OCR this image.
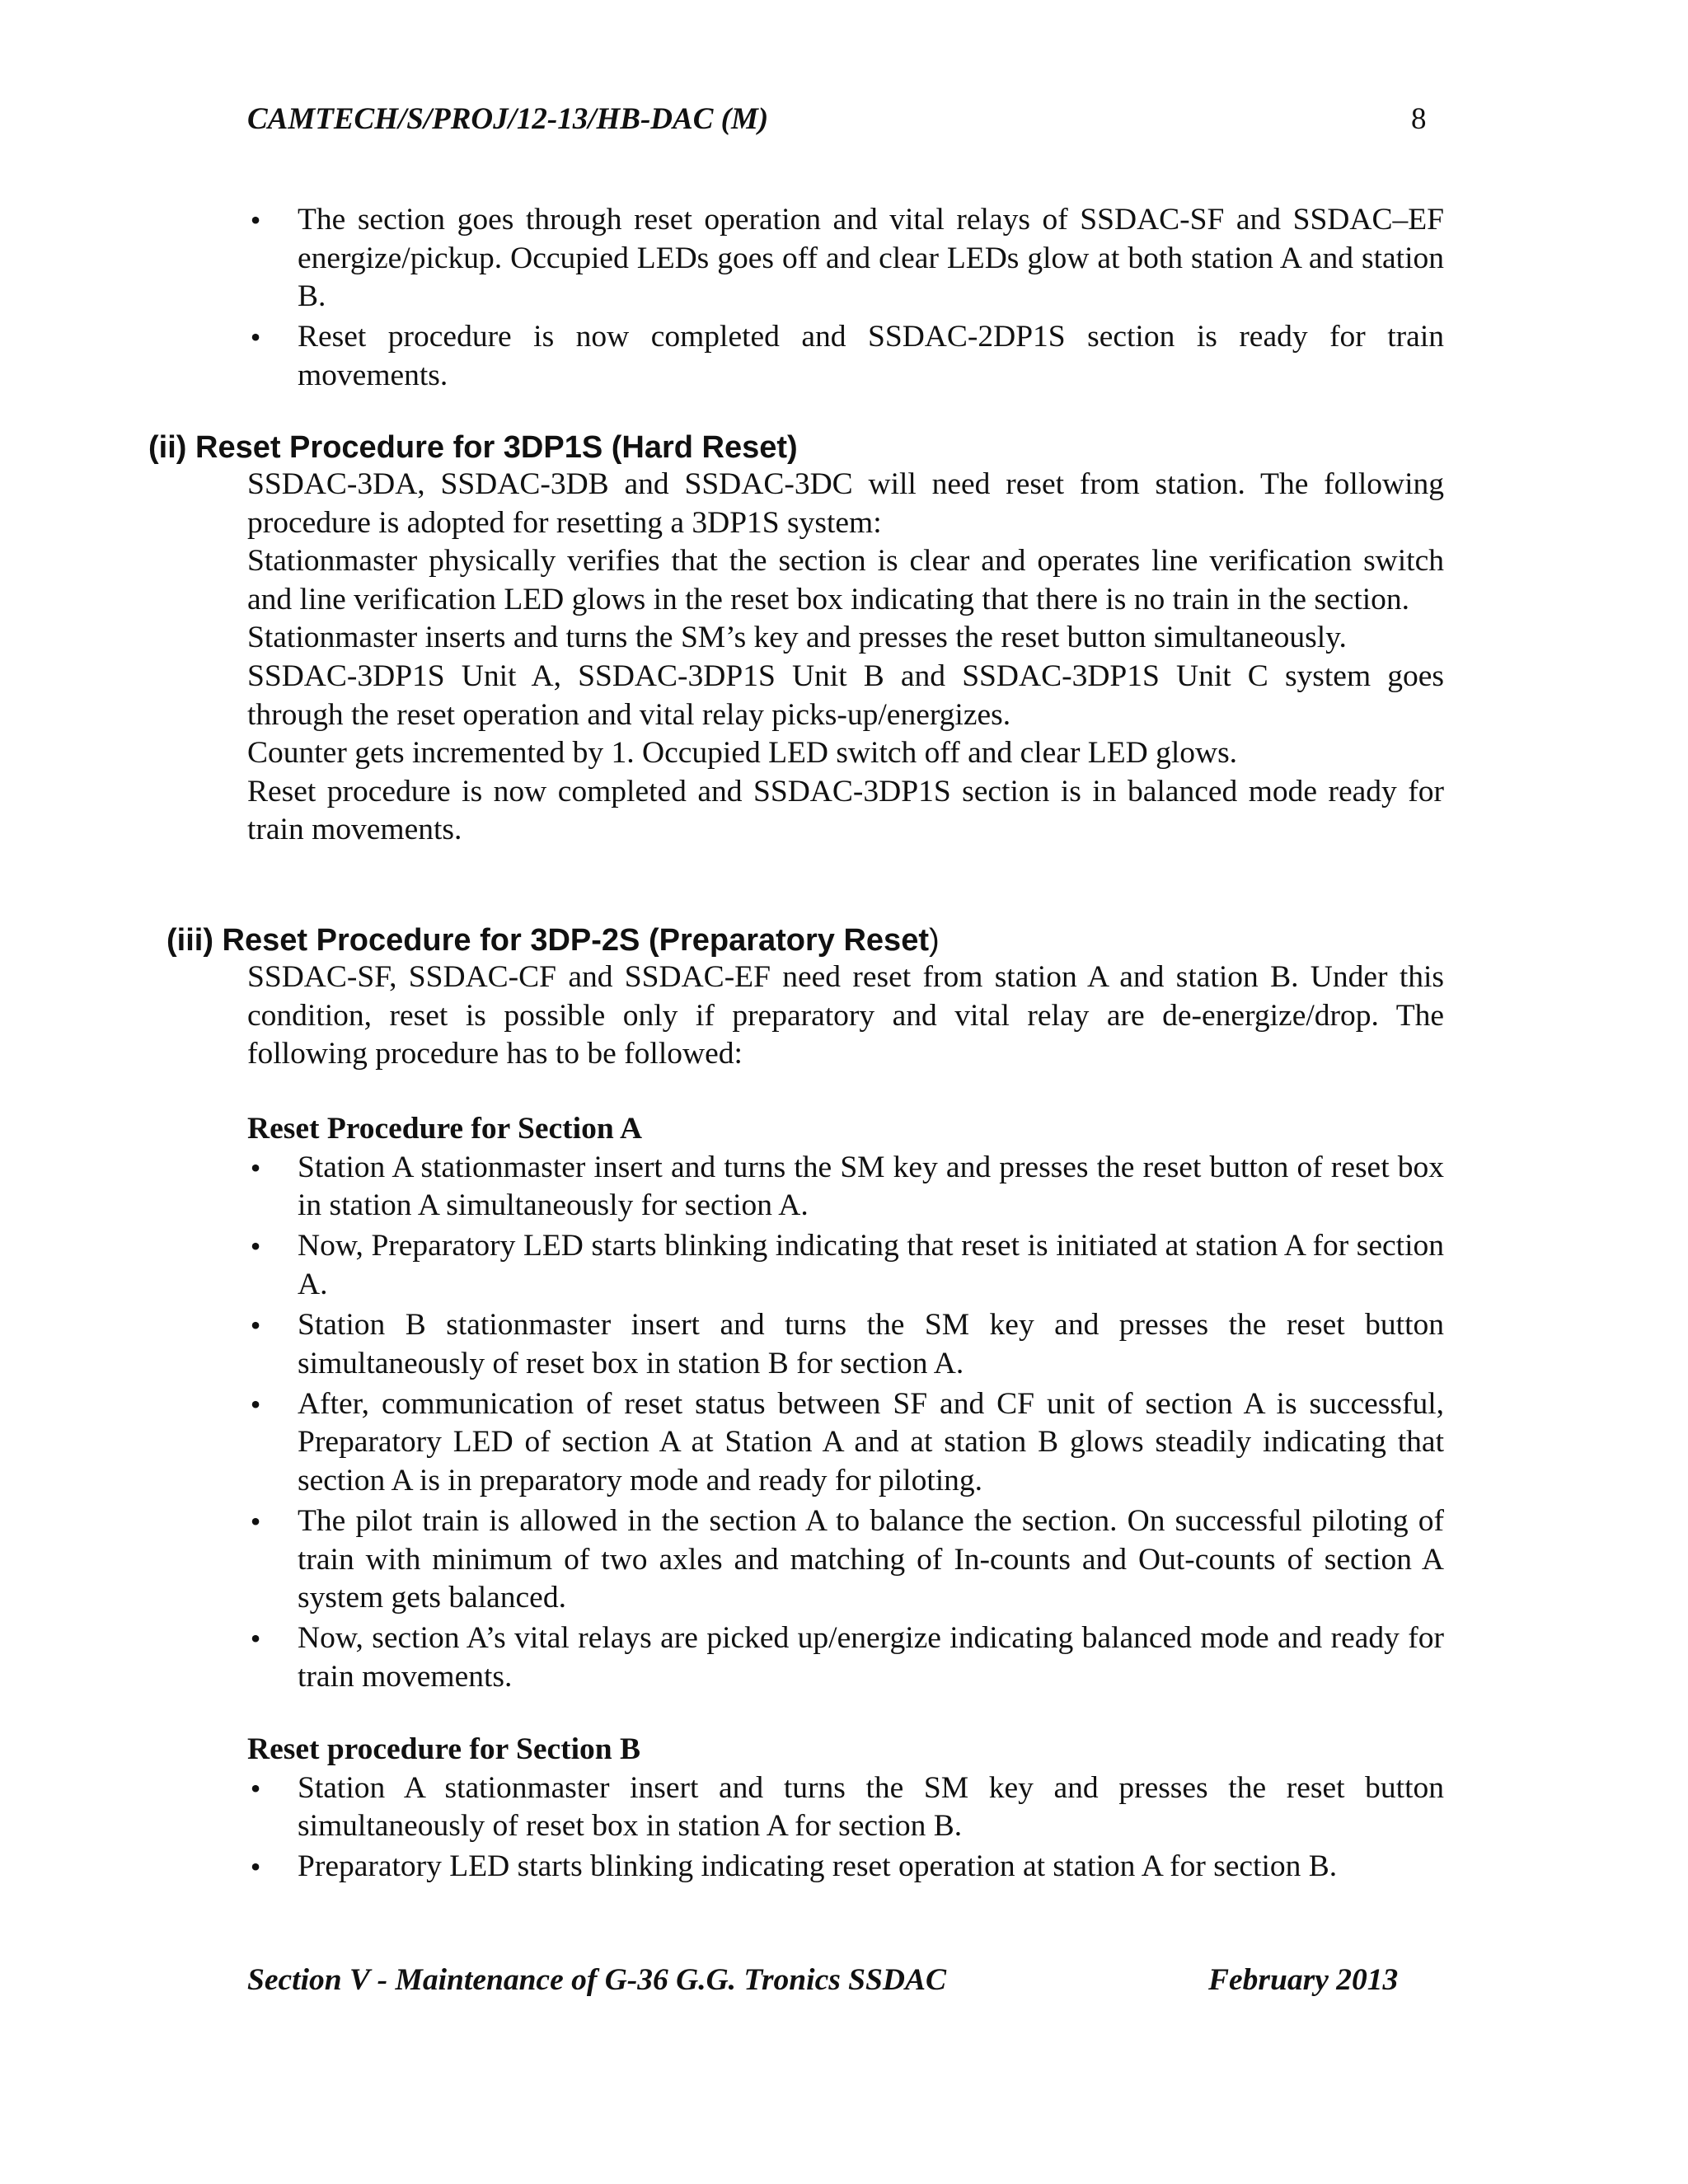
CAMTECH/S/PROJ/12-13/HB-DAC (M)	8
• The section goes through reset operation and vital relays of SSDAC-SF and SSDAC–EF energize/pickup. Occupied LEDs goes off and clear LEDs glow at both station A and station B.
• Reset procedure is now completed and SSDAC-2DP1S section is ready for train movements.
(ii) Reset Procedure for 3DP1S (Hard Reset)

SSDAC-3DA, SSDAC-3DB and SSDAC-3DC will need reset from station. The following procedure is adopted for resetting a 3DP1S system:

Stationmaster physically verifies that the section is clear and operates line verification switch and line verification LED glows in the reset box indicating that there is no train in the section.

Stationmaster inserts and turns the SM’s key and presses the reset button simultaneously.

SSDAC-3DP1S Unit A, SSDAC-3DP1S Unit B and SSDAC-3DP1S Unit C system goes through the reset operation and vital relay picks-up/energizes.

Counter gets incremented by 1. Occupied LED switch off and clear LED glows.

Reset procedure is now completed and SSDAC-3DP1S section is in balanced mode ready for train movements.

(iii) Reset Procedure for 3DP-2S (Preparatory Reset)

SSDAC-SF, SSDAC-CF and SSDAC-EF need reset from station A and station B. Under this condition, reset is possible only if preparatory and vital relay are de-energize/drop. The following procedure has to be followed:

Reset Procedure for Section A

• Station A stationmaster insert and turns the SM key and presses the reset button of reset box in station A simultaneously for section A.
• Now, Preparatory LED starts blinking indicating that reset is initiated at station A for section A.
• Station B stationmaster insert and turns the SM key and presses the reset button simultaneously of reset box in station B for section A.
• After, communication of reset status between SF and CF unit of section A is successful, Preparatory LED of section A at Station A and at station B glows steadily indicating that section A is in preparatory mode and ready for piloting.
• The pilot train is allowed in the section A to balance the section. On successful piloting of train with minimum of two axles and matching of In-counts and Out-counts of section A system gets balanced.
• Now, section A’s vital relays are picked up/energize indicating balanced mode and ready for train movements.

Reset procedure for Section B

• Station A stationmaster insert and turns the SM key and presses the reset button simultaneously of reset box in station A for section B.
• Preparatory LED starts blinking indicating reset operation at station A for section B.
Section V - Maintenance of G-36 G.G. Tronics SSDAC	February 2013
